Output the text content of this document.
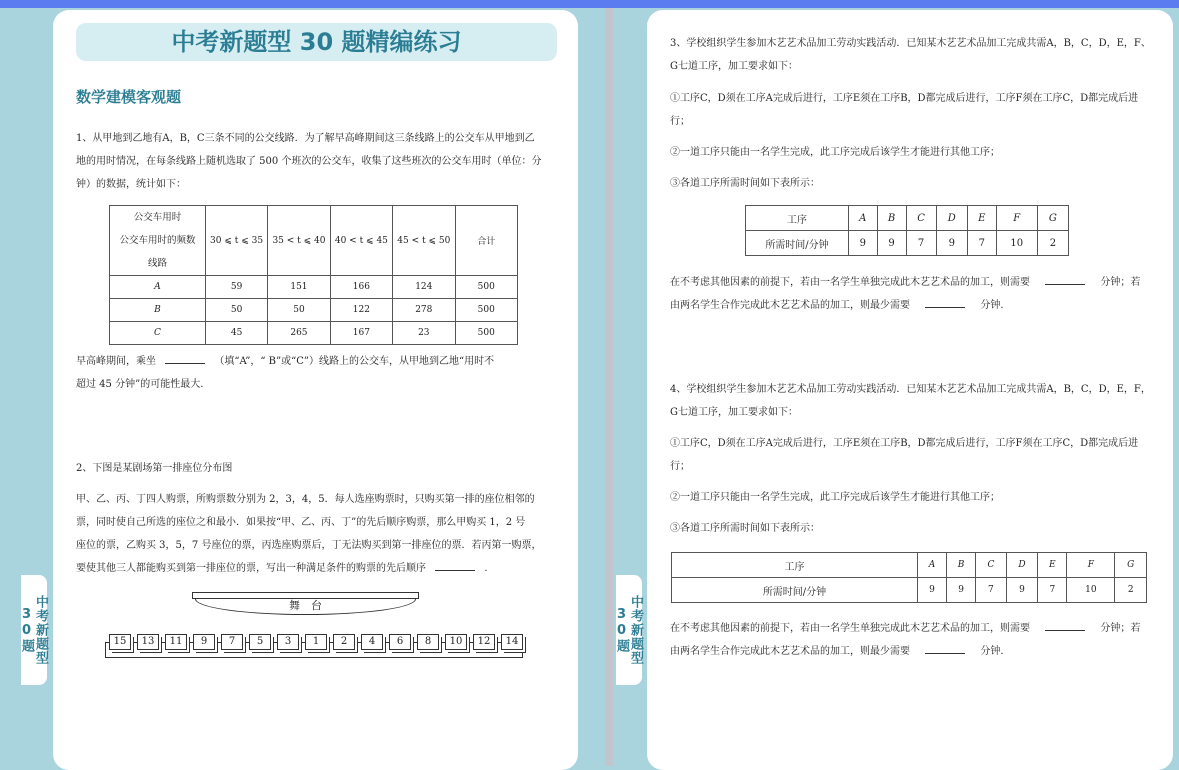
中考新题型 30 题精编练习
数学建模客观题
1、从甲地到乙地有A，B，C三条不同的公交线路．为了解早高峰期间这三条线路上的公交车从甲地到乙
地的用时情况，在每条线路上随机选取了 500 个班次的公交车，收集了这些班次的公交车用时（单位：分
钟）的数据，统计如下：
公交车用时
公交车用时的频数
线路	30 ⩽ t ⩽ 35	35 < t ⩽ 40	40 < t ⩽ 45	45 < t ⩽ 50	合计
A	59	151	166	124	500
B	50	50	122	278	500
C	45	265	167	23	500
早高峰期间，乘坐	（填“A”，“ B”或“C”）线路上的公交车，从甲地到乙地“用时不
超过 45 分钟”的可能性最大.
2、下图是某剧场第一排座位分布图
甲、乙、丙、丁四人购票，所购票数分别为 2，3，4，5．每人选座购票时，只购买第一排的座位相邻的
票，同时使自己所选的座位之和最小．如果按“甲、乙、丙、丁”的先后顺序购票，那么甲购买 1，2 号
座位的票，乙购买 3，5，7 号座位的票，丙选座购票后，丁无法购买到第一排座位的票．若丙第一购票，
要使其他三人都能购买到第一排座位的票，写出一种满足条件的购票的先后顺序	.
舞　台
15	13	11	9	7	5	3	1	2	4	6	8	10	12	14
中考新题型30题
3、学校组织学生参加木艺艺术品加工劳动实践活动．已知某木艺艺术品加工完成共需A，B，C，D，E，F、
G七道工序，加工要求如下：
①工序C，D须在工序A完成后进行，工序E须在工序B，D都完成后进行，工序F须在工序C，D都完成后进
行；
②一道工序只能由一名学生完成，此工序完成后该学生才能进行其他工序；
③各道工序所需时间如下表所示：
工序	A	B	C	D	E	F	G
所需时间/分钟	9	9	7	9	7	10	2
在不考虑其他因素的前提下，若由一名学生单独完成此木艺艺术品的加工，则需要	分钟；若
由两名学生合作完成此木艺艺术品的加工，则最少需要	分钟.
4、学校组织学生参加木艺艺术品加工劳动实践活动．已知某木艺艺术品加工完成共需A，B，C，D，E，F，
G七道工序，加工要求如下：
①工序C，D须在工序A完成后进行，工序E须在工序B，D都完成后进行，工序F须在工序C，D都完成后进
行；
②一道工序只能由一名学生完成，此工序完成后该学生才能进行其他工序；
③各道工序所需时间如下表所示：
工序	A	B	C	D	E	F	G
所需时间/分钟	9	9	7	9	7	10	2
在不考虑其他因素的前提下，若由一名学生单独完成此木艺艺术品的加工，则需要	分钟；若
由两名学生合作完成此木艺艺术品的加工，则最少需要	分钟.
中考新题型30题
